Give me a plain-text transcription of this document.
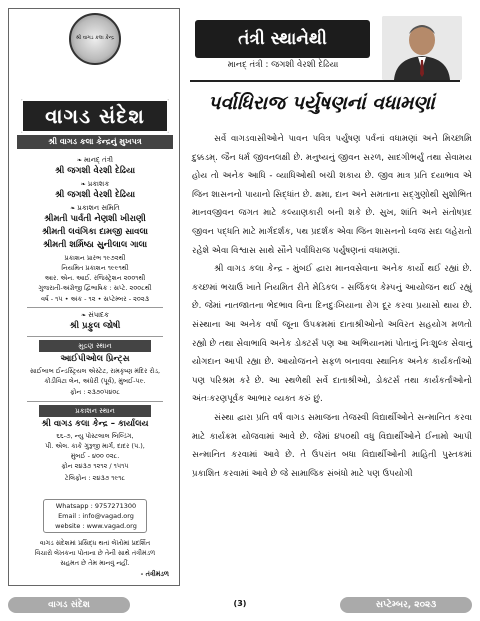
શ્રી વાગડ કલા કેન્દ્ર
વાગડ સંદેશ
શ્રી વાગડ કલા કેન્દ્રનું મુખપત્ર
❧ માનદ્ તંત્રી
શ્રી જગશી વેરશી દેઢિયા
❧ પ્રકાશક
શ્રી જગશી વેરશી દેઢિયા
❧ પ્રકાશન સમિતિ
શ્રીમતી પાર્વતી નેણશી ખીરાણી
શ્રીમતી લવંગિકા દામજી સાવલા
શ્રીમતી શર્મિષ્ઠા સુનીલાલ ગાલા
પ્રકાશન પ્રારંભ ૧૯૭૨થી
નિયમિત પ્રકાશન ૧૯૯૧થી
આર. એન. આઈ. રજિસ્ટ્રેશન ૨૦૦૧થી
ગુજરાતી-અંગ્રેજી દ્વિભાષિક : સપ્ટે. ૨૦૦૮થી
વર્ષ - ૧૫ • અંક - ૧૨ • સપ્ટેમ્બર - ૨૦૨૩
❧ સંપાદક
શ્રી પ્રફુલ જોષી
મુદ્રણ સ્થાન
આઈપીઓલ પ્રિન્ટ્સ
સાઈબાબ ઈન્ડસ્ટ્રિયલ એસ્ટેટ, રામકૃષ્ણ મંદિર રોડ,
કોંડીવિટા લેન, અંધેરી (પૂર્વ), મુંબઈ-૫૯.
ફોન : ૨૩૭૦૫૪૦૮
પ્રકાશન સ્થાન
શ્રી વાગડ કલા કેન્દ્ર – કાર્યાલય
૬૬-૭, ન્યુ પોસ્ટલાલ બિલ્ડિંગ,
પી. એલ. કાકે ગુરૂજી માર્ગ, દાદર (પ.),
મુંબઈ - ૪૦૦ ૦૨૮.
ફોન ૨૪૩૭ ૧૨૧૨ / ૧૫૧૫
ટેલિફોન : ૨૪૩૭ ૧૯૧૮
Whatsapp : 9757271300
Email : info@vagad.org
website : www.vagad.org
વાગડ સંદેશમાં પ્રસિદ્ધ થતાં લેખોમાં પ્રદર્શિત
વિચારો લેખકના પોતાના છે તેની સાથે તંત્રીમંડળ
સહમત છે તેમ માનવું નહીં.
- તંત્રીમંડળ
તંત્રી સ્થાનેથી
માનદ્ તંત્રી : જગશી વેરશી દેઢિયા
પર્વાધિરાજ પર્યુષણનાં વધામણાં

સર્વે વાગડવાસીઓને પાવન પવિત્ર પર્યુષણ પર્વનાં વધામણાં અને મિચ્છામિ દુક્કડમ્. જૈન ધર્મ જીવનલક્ષી છે. મનુષ્યનું જીવન સરળ, સાદગીભર્યું તથા સેવામય હોય તો અનેક આધિ - વ્યાધિઓથી બચી શકાય છે. જીવ માત્ર પ્રતિ દયાભાવ એ જિન શાસનનો પાયાનો સિદ્ધાંત છે. ક્ષમા, દાન અને સમતાના સદ્ગુણોથી સુશોભિત માનવજીવન જગત માટે કલ્યાણકારી બની શકે છે. સુખ, શાંતિ અને સંતોષપ્રદ જીવન પદ્ધતિ માટે માર્ગદર્શક, પથ પ્રદર્શક એવા જિન શાસનનો ધ્વજ સદા લહેરાતો રહેશે એવા વિશ્વાસ સાથે સૌને પર્વાધિરાજ પર્યુષણનાં વધામણાં.

શ્રી વાગડ કલા કેન્દ્ર - મુંબઈ દ્વારા માનવસેવાના અનેક કાર્યો થઈ રહ્યાં છે. કચ્છમાં ભચાઉ ખાતે નિયમિત રીતે મેડિકલ - સર્જિકલ કેમ્પનું આયોજન થઈ રહ્યું છે. જેમાં નાતજાતના ભેદભાવ વિના દિનદુઃખિયાના રોગ દૂર કરવા પ્રયાસો થાય છે. સંસ્થાના આ અનેક વર્ષો જૂના ઉપક્રમમાં દાતાશ્રીઓનો અવિરત સહયોગ મળતો રહ્યો છે તથા સેવાભાવિ અનેક ડોક્ટર્સ પણ આ અભિયાનમાં પોતાનું નિઃશુલ્ક સેવાનું યોગદાન આપી રહ્યા છે. આયોજનને સફળ બનાવવા સ્થાનિક અનેક કાર્યકર્તાઓ પણ પરિશ્રમ કરે છે. આ સ્થળેથી સર્વે દાતાશ્રીઓ, ડોક્ટર્સ તથા કાર્યકર્તાઓનો અંતઃકરણપૂર્વક આભાર વ્યક્ત કરું છું.

સંસ્થા દ્વારા પ્રતિ વર્ષ વાગડ સમાજના તેજસ્વી વિદ્યાર્થીઓને સન્માનિત કરવા માટે કાર્યક્રમ યોજવામાં આવે છે. જેમાં ૪૫૦થી વધુ વિદ્યાર્થીઓને ઈનામો આપી સન્માનિત કરવામાં આવે છે. તે ઉપરાંત બધા વિદ્યાર્થીઓની માહિતી પુસ્તકમાં પ્રકાશિત કરવામાં આવે છે જે સામાજિક સંબંધો માટે પણ ઉપયોગી

વાગડ સંદેશ	(3)	સપ્ટેમ્બર, ૨૦૨૩
